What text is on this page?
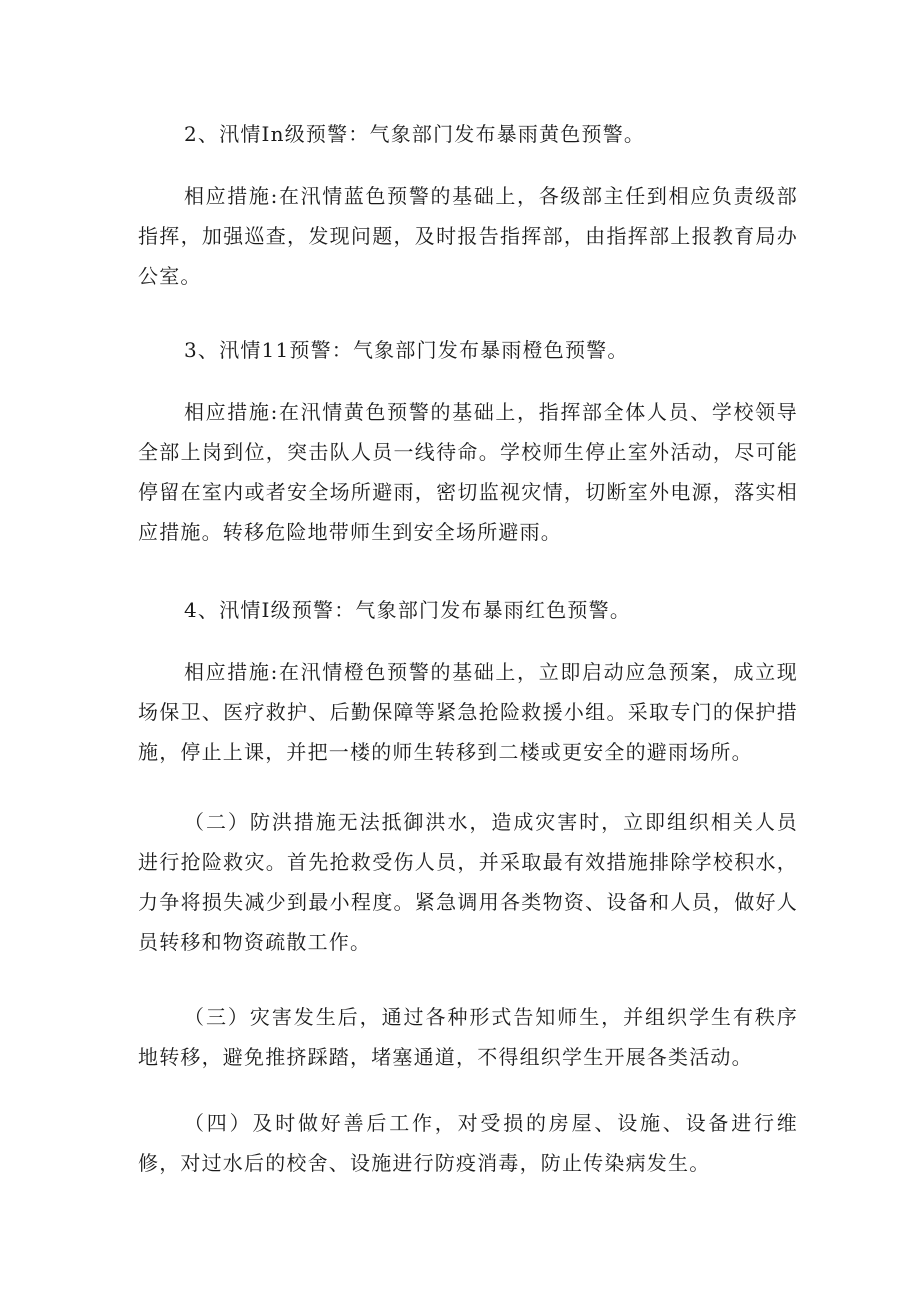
2、汛情In级预警：气象部门发布暴雨黄色预警。

相应措施:在汛情蓝色预警的基础上，各级部主任到相应负责级部指挥，加强巡查，发现问题，及时报告指挥部，由指挥部上报教育局办公室。

3、汛情11预警：气象部门发布暴雨橙色预警。

相应措施:在汛情黄色预警的基础上，指挥部全体人员、学校领导全部上岗到位，突击队人员一线待命。学校师生停止室外活动，尽可能停留在室内或者安全场所避雨，密切监视灾情，切断室外电源，落实相应措施。转移危险地带师生到安全场所避雨。

4、汛情Ⅰ级预警：气象部门发布暴雨红色预警。

相应措施:在汛情橙色预警的基础上，立即启动应急预案，成立现场保卫、医疗救护、后勤保障等紧急抢险救援小组。采取专门的保护措施，停止上课，并把一楼的师生转移到二楼或更安全的避雨场所。

（二）防洪措施无法抵御洪水，造成灾害时，立即组织相关人员进行抢险救灾。首先抢救受伤人员，并采取最有效措施排除学校积水，力争将损失减少到最小程度。紧急调用各类物资、设备和人员，做好人员转移和物资疏散工作。

（三）灾害发生后，通过各种形式告知师生，并组织学生有秩序地转移，避免推挤踩踏，堵塞通道，不得组织学生开展各类活动。

（四）及时做好善后工作，对受损的房屋、设施、设备进行维修，对过水后的校舍、设施进行防疫消毒，防止传染病发生。
